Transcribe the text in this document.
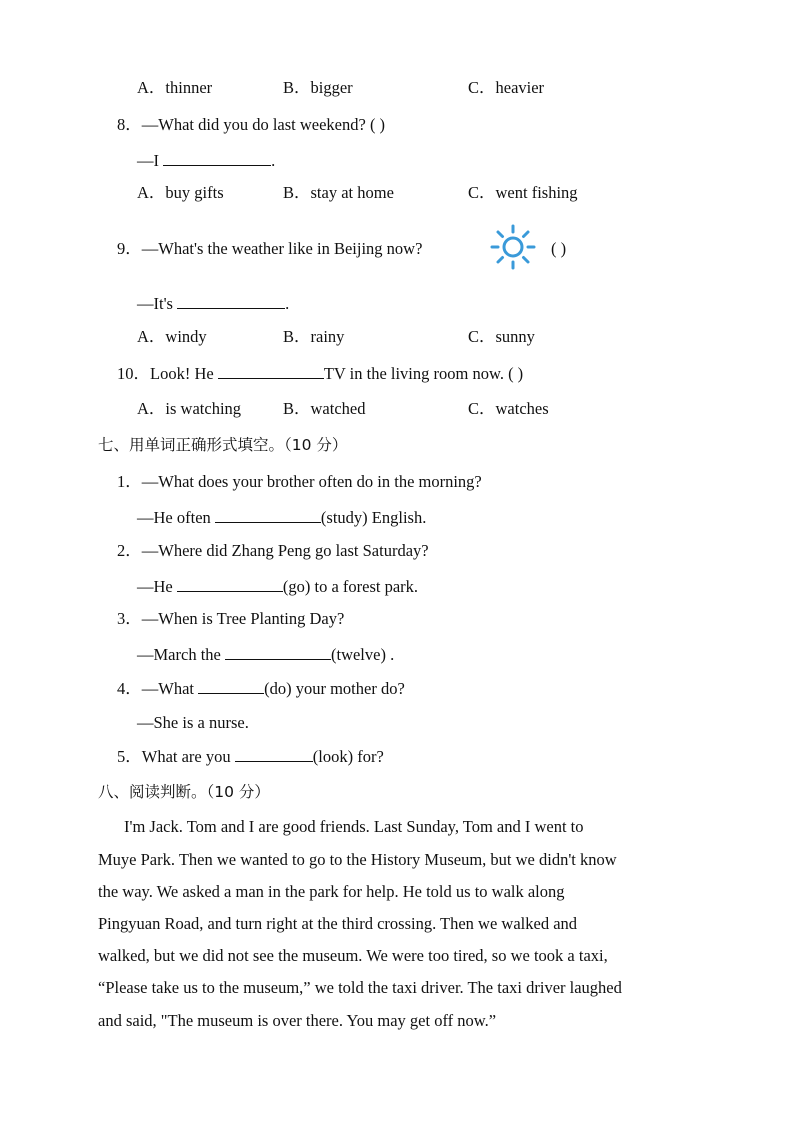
A．thinner	B．bigger	C．heavier
8．—What did you do last weekend? ( )
—I	.
A．buy gifts	B．stay at home	C．went fishing
9．—What's the weather like in Beijing now?	( )
—It's	.
A．windy	B．rainy	C．sunny
10．Look! He	TV in the living room now. ( )
A．is watching	B．watched	C．watches
七、用单词正确形式填空。（10 分）
1．—What does your brother often do in the morning?
—He often	(study) English.
2．—Where did Zhang Peng go last Saturday?
—He	(go) to a forest park.
3．—When is Tree Planting Day?
—March the	(twelve) .
4．—What	(do) your mother do?
—She is a nurse.
5．What are you	(look) for?
八、阅读判断。（10 分）
I'm Jack. Tom and I are good friends. Last Sunday, Tom and I went to
Muye Park. Then we wanted to go to the History Museum, but we didn't know
the way. We asked a man in the park for help. He told us to walk along
Pingyuan Road, and turn right at the third crossing. Then we walked and
walked, but we did not see the museum. We were too tired, so we took a taxi,
“Please take us to the museum,” we told the taxi driver. The taxi driver laughed
and said, "The museum is over there. You may get off now.”
